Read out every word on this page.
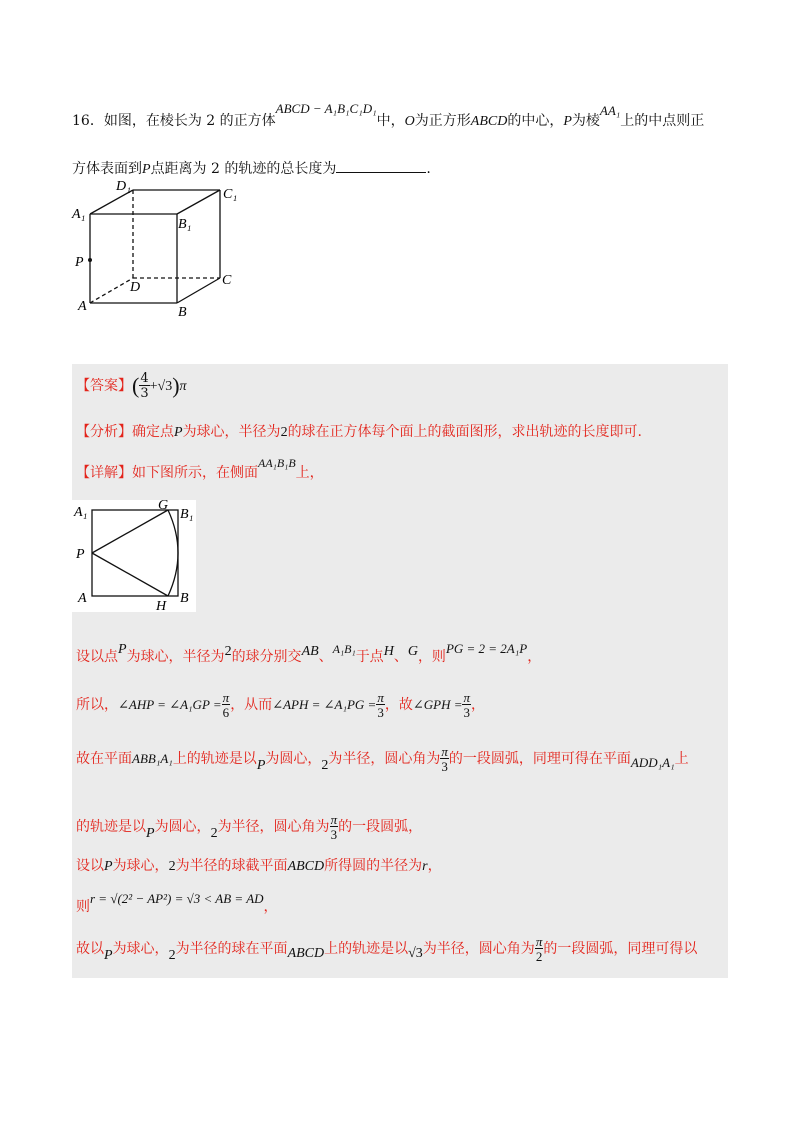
16．如图，在棱长为 2 的正方体ABCD − A₁B₁C₁D₁中，O为正方形ABCD的中心，P为棱AA₁上的中点则正
方体表面到P点距离为 2 的轨迹的总长度为	.
D₁
C₁
A₁
B₁
P
D	C
A	B
【答案】( $\frac{4}{3} +√3)\pi$
【分析】确定点P为球心，半径为2的球在正方体每个面上的截面图形，求出轨迹的长度即可.
【详解】如下图所示，在侧面AA₁B₁B上，
A₁	G
B₁
P
A
H
B
设以点P为球心，半径为2的球分别交AB、A₁B₁于点H、G，则PG = 2 = 2A₁P，
所以，∠AHP = ∠A₁GP = $\frac{\pi}{6}$ ，从而∠APH = ∠A₁PG = $\frac{\pi}{3}$ ，故∠GPH = $\frac{\pi}{3}$ ，
故在平面ABB₁A₁上的轨迹是以P为圆心，2为半径，圆心角为 $\frac{\pi}{3}$ 的一段圆弧，同理可得在平面ADD₁A₁上
的轨迹是以P为圆心，2为半径，圆心角为 $\frac{\pi}{3}$ 的一段圆弧，
设以P为球心，2为半径的球截平面ABCD所得圆的半径为r，
则r = √(2² − AP²) = √3 < AB = AD，
故以P为球心，2为半径的球在平面ABCD上的轨迹是以√3为半径，圆心角为 $\frac{\pi}{2}$ 的一段圆弧，同理可得以
